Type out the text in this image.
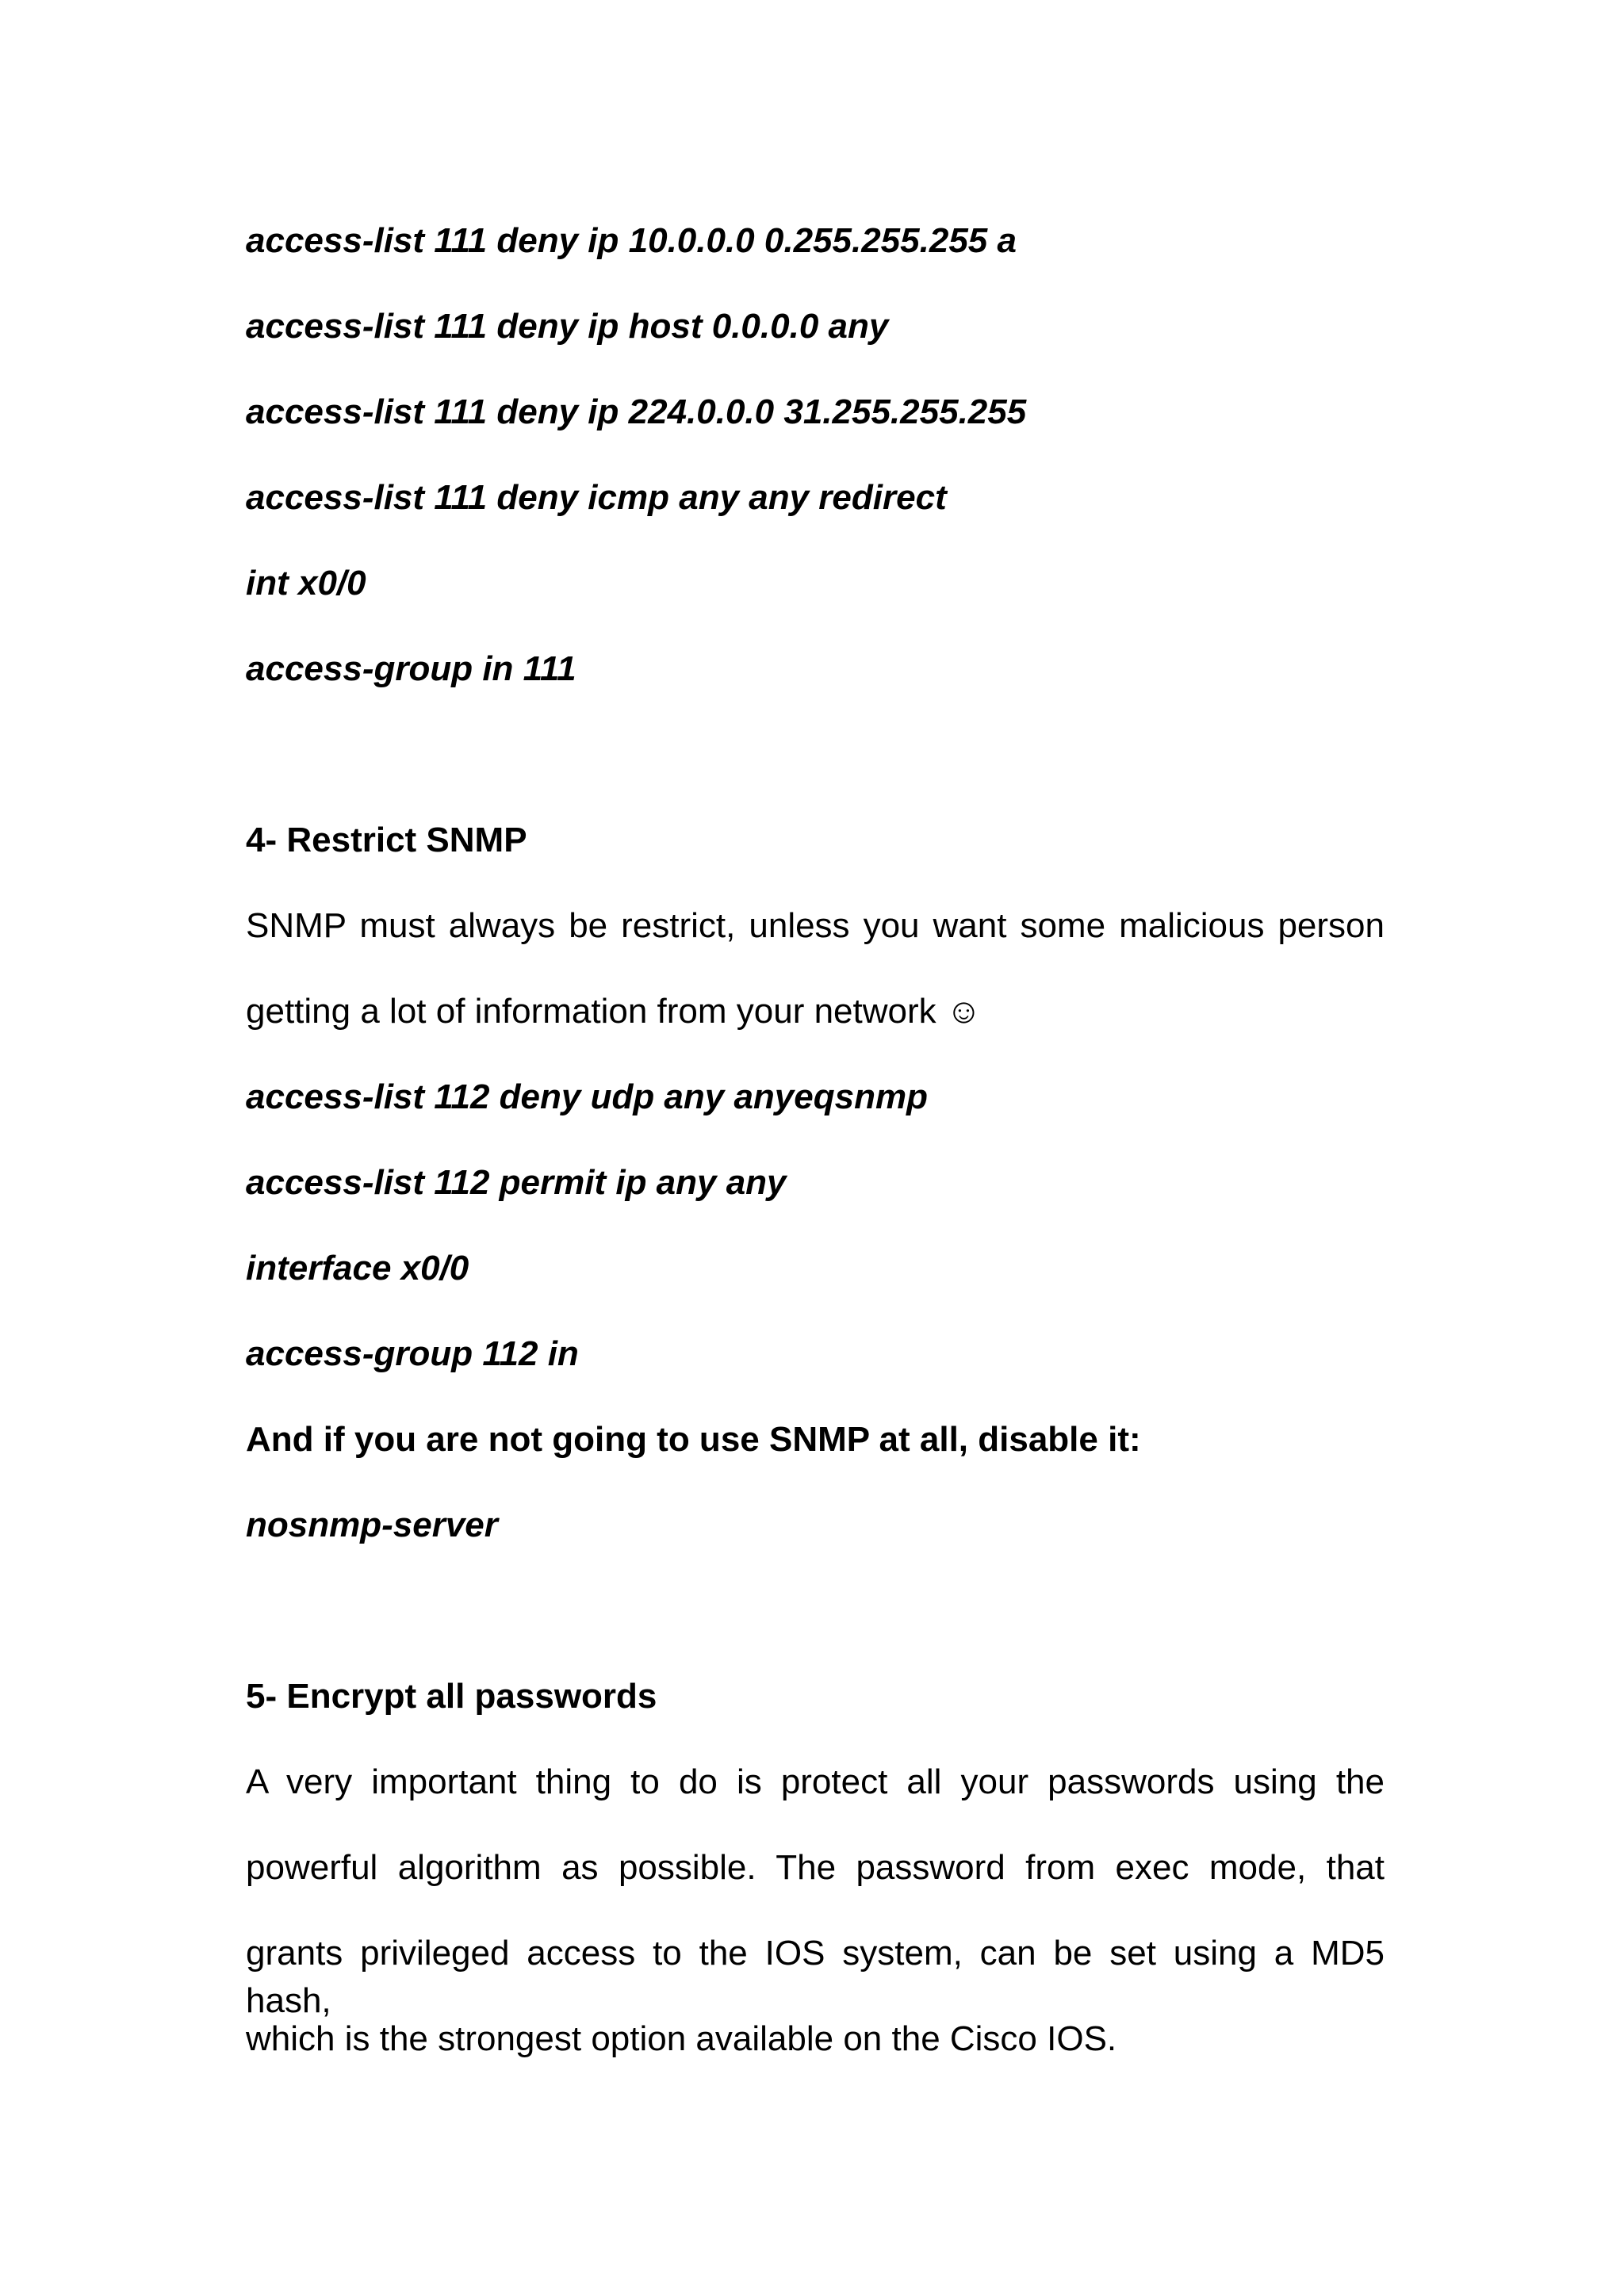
access-list 111 deny ip 10.0.0.0 0.255.255.255 a
access-list 111 deny ip host 0.0.0.0 any
access-list 111 deny ip 224.0.0.0 31.255.255.255
access-list 111 deny icmp any any redirect
int x0/0
access-group in 111
4- Restrict SNMP
SNMP must always be restrict, unless you want some malicious person
getting a lot of information from your network ☺
access-list 112 deny udp any anyeqsnmp
access-list 112 permit ip any any
interface x0/0
access-group 112 in
And if you are not going to use SNMP at all, disable it:
nosnmp-server
5- Encrypt all passwords
A very important thing to do is protect all your passwords using the
powerful algorithm as possible. The password from exec mode, that
grants privileged access to the IOS system, can be set using a MD5 hash,
which is the strongest option available on the Cisco IOS.
